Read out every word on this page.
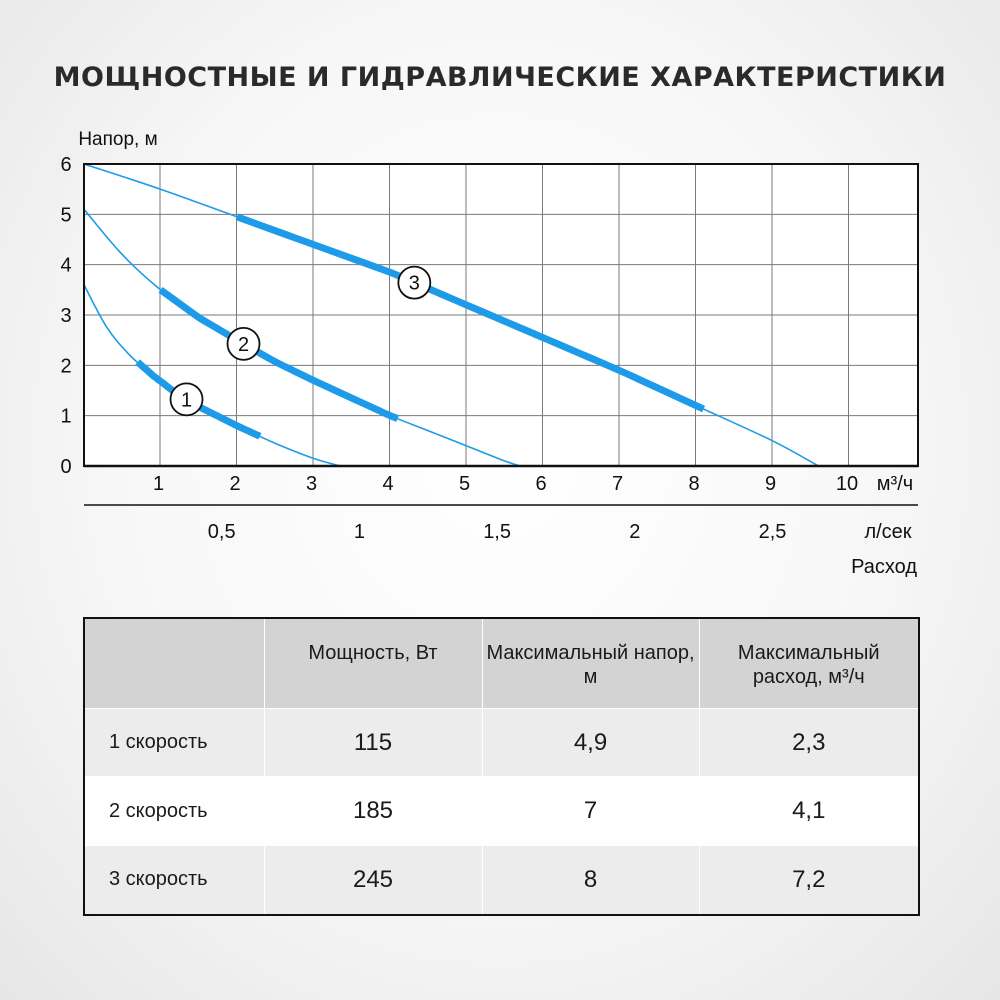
МОЩНОСТНЫЕ И ГИДРАВЛИЧЕСКИЕ ХАРАКТЕРИСТИКИ
0
1
2
3
4
5
6
Напор, м
1	2	3	4	5	6	7	8	9	10 м³/ч
0,5	1	1,5	2	2,5	л/сек
Расход
1
2
3
	Мощность, Вт	Максимальный напор, м	Максимальный расход, м³/ч
1 скорость	115	4,9	2,3
2 скорость	185	7	4,1
3 скорость	245	8	7,2
